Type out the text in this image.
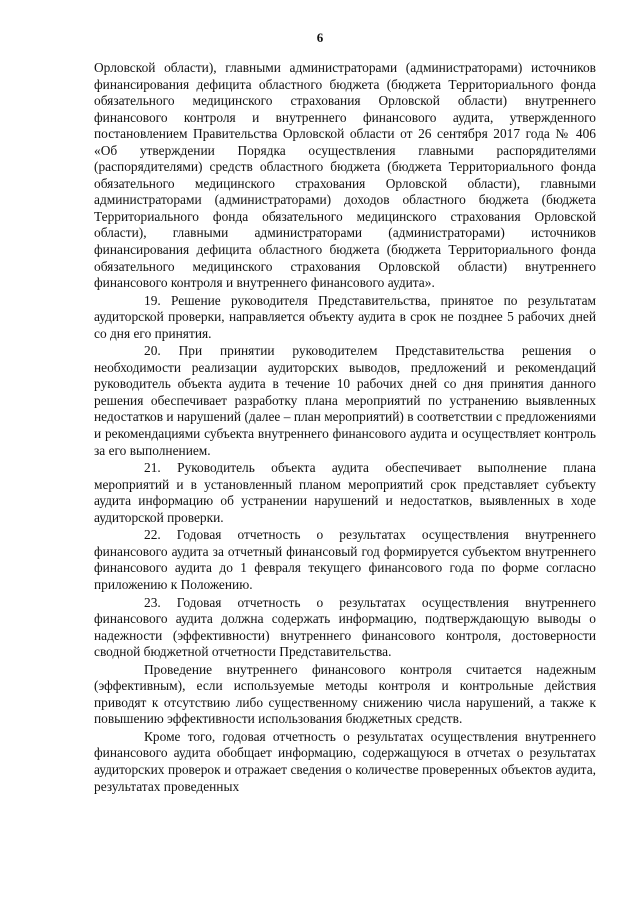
6

Орловской области), главными администраторами (администраторами) источников финансирования дефицита областного бюджета (бюджета Территориального фонда обязательного медицинского страхования Орловской области) внутреннего финансового контроля и внутреннего финансового аудита, утвержденного постановлением Правительства Орловской области от 26 сентября 2017 года № 406 «Об утверждении Порядка осуществления главными распорядителями (распорядителями) средств областного бюджета (бюджета Территориального фонда обязательного медицинского страхования Орловской области), главными администраторами (администраторами) доходов областного бюджета (бюджета Территориального фонда обязательного медицинского страхования Орловской области), главными администраторами (администраторами) источников финансирования дефицита областного бюджета (бюджета Территориального фонда обязательного медицинского страхования Орловской области) внутреннего финансового контроля и внутреннего финансового аудита».

19. Решение руководителя Представительства, принятое по результатам аудиторской проверки, направляется объекту аудита в срок не позднее 5 рабочих дней со дня его принятия.

20. При принятии руководителем Представительства решения о необходимости реализации аудиторских выводов, предложений и рекомендаций руководитель объекта аудита в течение 10 рабочих дней со дня принятия данного решения обеспечивает разработку плана мероприятий по устранению выявленных недостатков и нарушений (далее – план мероприятий) в соответствии с предложениями и рекомендациями субъекта внутреннего финансового аудита и осуществляет контроль за его выполнением.

21. Руководитель объекта аудита обеспечивает выполнение плана мероприятий и в установленный планом мероприятий срок представляет субъекту аудита информацию об устранении нарушений и недостатков, выявленных в ходе аудиторской проверки.

22. Годовая отчетность о результатах осуществления внутреннего финансового аудита за отчетный финансовый год формируется субъектом внутреннего финансового аудита до 1 февраля текущего финансового года по форме согласно приложению к Положению.

23. Годовая отчетность о результатах осуществления внутреннего финансового аудита должна содержать информацию, подтверждающую выводы о надежности (эффективности) внутреннего финансового контроля, достоверности сводной бюджетной отчетности Представительства.

Проведение внутреннего финансового контроля считается надежным (эффективным), если используемые методы контроля и контрольные действия приводят к отсутствию либо существенному снижению числа нарушений, а также к повышению эффективности использования бюджетных средств.

Кроме того, годовая отчетность о результатах осуществления внутреннего финансового аудита обобщает информацию, содержащуюся в отчетах о результатах аудиторских проверок и отражает сведения о количестве проверенных объектов аудита, результатах проведенных
